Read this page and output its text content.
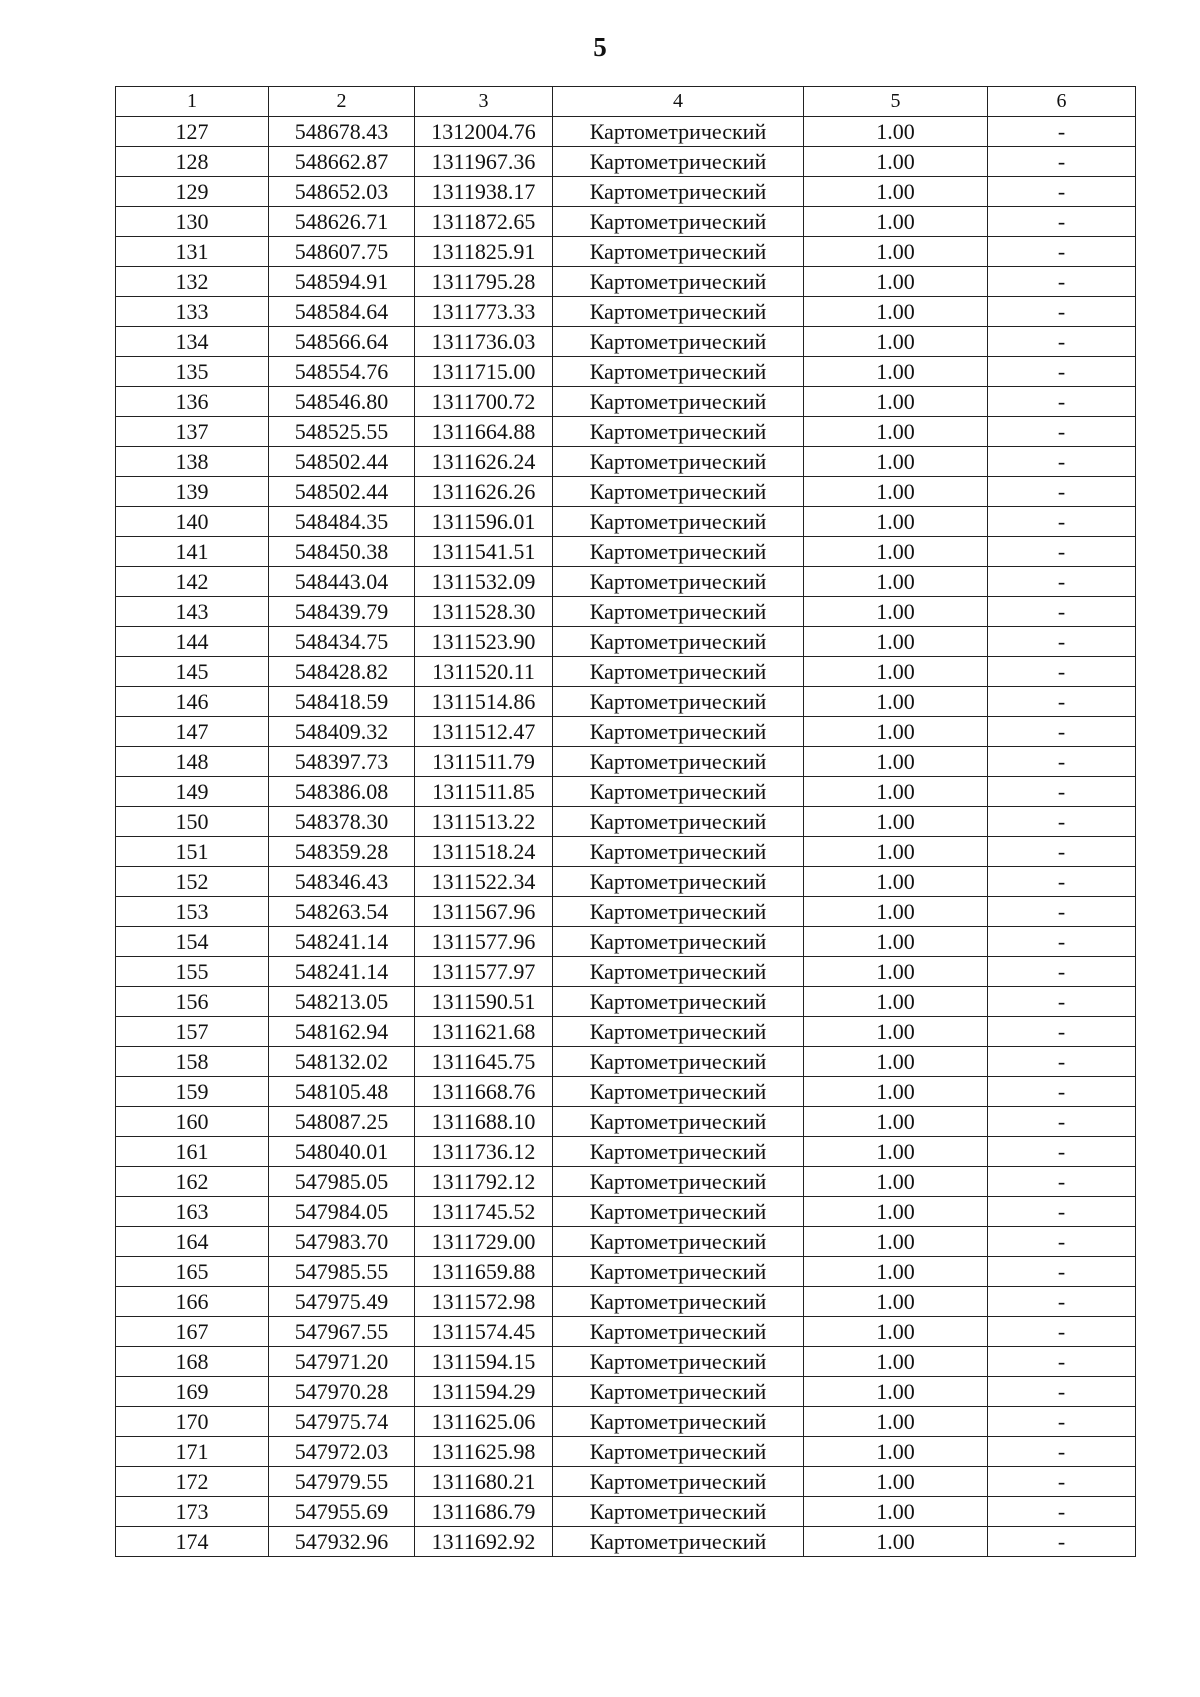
5
1	2	3	4	5	6
127	548678.43	1312004.76	Картометрический	1.00	-
128	548662.87	1311967.36	Картометрический	1.00	-
129	548652.03	1311938.17	Картометрический	1.00	-
130	548626.71	1311872.65	Картометрический	1.00	-
131	548607.75	1311825.91	Картометрический	1.00	-
132	548594.91	1311795.28	Картометрический	1.00	-
133	548584.64	1311773.33	Картометрический	1.00	-
134	548566.64	1311736.03	Картометрический	1.00	-
135	548554.76	1311715.00	Картометрический	1.00	-
136	548546.80	1311700.72	Картометрический	1.00	-
137	548525.55	1311664.88	Картометрический	1.00	-
138	548502.44	1311626.24	Картометрический	1.00	-
139	548502.44	1311626.26	Картометрический	1.00	-
140	548484.35	1311596.01	Картометрический	1.00	-
141	548450.38	1311541.51	Картометрический	1.00	-
142	548443.04	1311532.09	Картометрический	1.00	-
143	548439.79	1311528.30	Картометрический	1.00	-
144	548434.75	1311523.90	Картометрический	1.00	-
145	548428.82	1311520.11	Картометрический	1.00	-
146	548418.59	1311514.86	Картометрический	1.00	-
147	548409.32	1311512.47	Картометрический	1.00	-
148	548397.73	1311511.79	Картометрический	1.00	-
149	548386.08	1311511.85	Картометрический	1.00	-
150	548378.30	1311513.22	Картометрический	1.00	-
151	548359.28	1311518.24	Картометрический	1.00	-
152	548346.43	1311522.34	Картометрический	1.00	-
153	548263.54	1311567.96	Картометрический	1.00	-
154	548241.14	1311577.96	Картометрический	1.00	-
155	548241.14	1311577.97	Картометрический	1.00	-
156	548213.05	1311590.51	Картометрический	1.00	-
157	548162.94	1311621.68	Картометрический	1.00	-
158	548132.02	1311645.75	Картометрический	1.00	-
159	548105.48	1311668.76	Картометрический	1.00	-
160	548087.25	1311688.10	Картометрический	1.00	-
161	548040.01	1311736.12	Картометрический	1.00	-
162	547985.05	1311792.12	Картометрический	1.00	-
163	547984.05	1311745.52	Картометрический	1.00	-
164	547983.70	1311729.00	Картометрический	1.00	-
165	547985.55	1311659.88	Картометрический	1.00	-
166	547975.49	1311572.98	Картометрический	1.00	-
167	547967.55	1311574.45	Картометрический	1.00	-
168	547971.20	1311594.15	Картометрический	1.00	-
169	547970.28	1311594.29	Картометрический	1.00	-
170	547975.74	1311625.06	Картометрический	1.00	-
171	547972.03	1311625.98	Картометрический	1.00	-
172	547979.55	1311680.21	Картометрический	1.00	-
173	547955.69	1311686.79	Картометрический	1.00	-
174	547932.96	1311692.92	Картометрический	1.00	-
